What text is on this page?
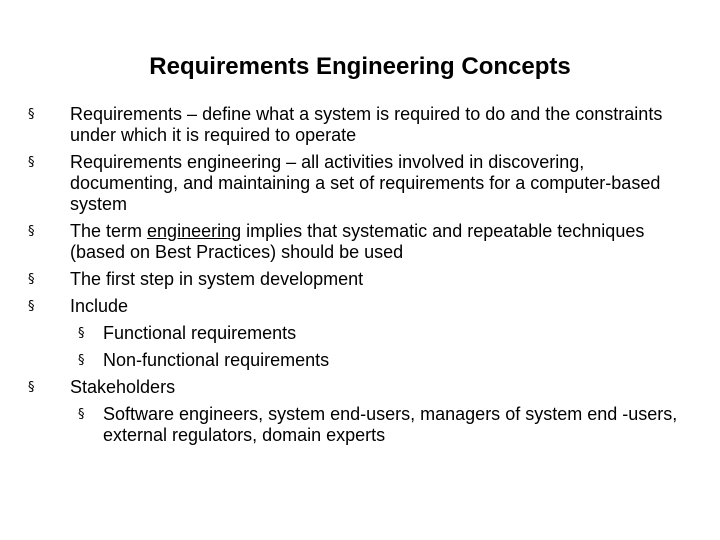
Requirements Engineering Concepts
§	Requirements – define what a system is required to do and the constraints under which it is required to operate
§	Requirements engineering – all activities involved in discovering, documenting, and maintaining a set of requirements for a computer-based system
§	The term engineering implies that systematic and repeatable techniques (based on Best Practices) should be used
§	The first step in system development
§	Include
§	Functional requirements
§	Non-functional requirements
§	Stakeholders
§	Software engineers, system end-users, managers of system end -users, external regulators, domain experts
